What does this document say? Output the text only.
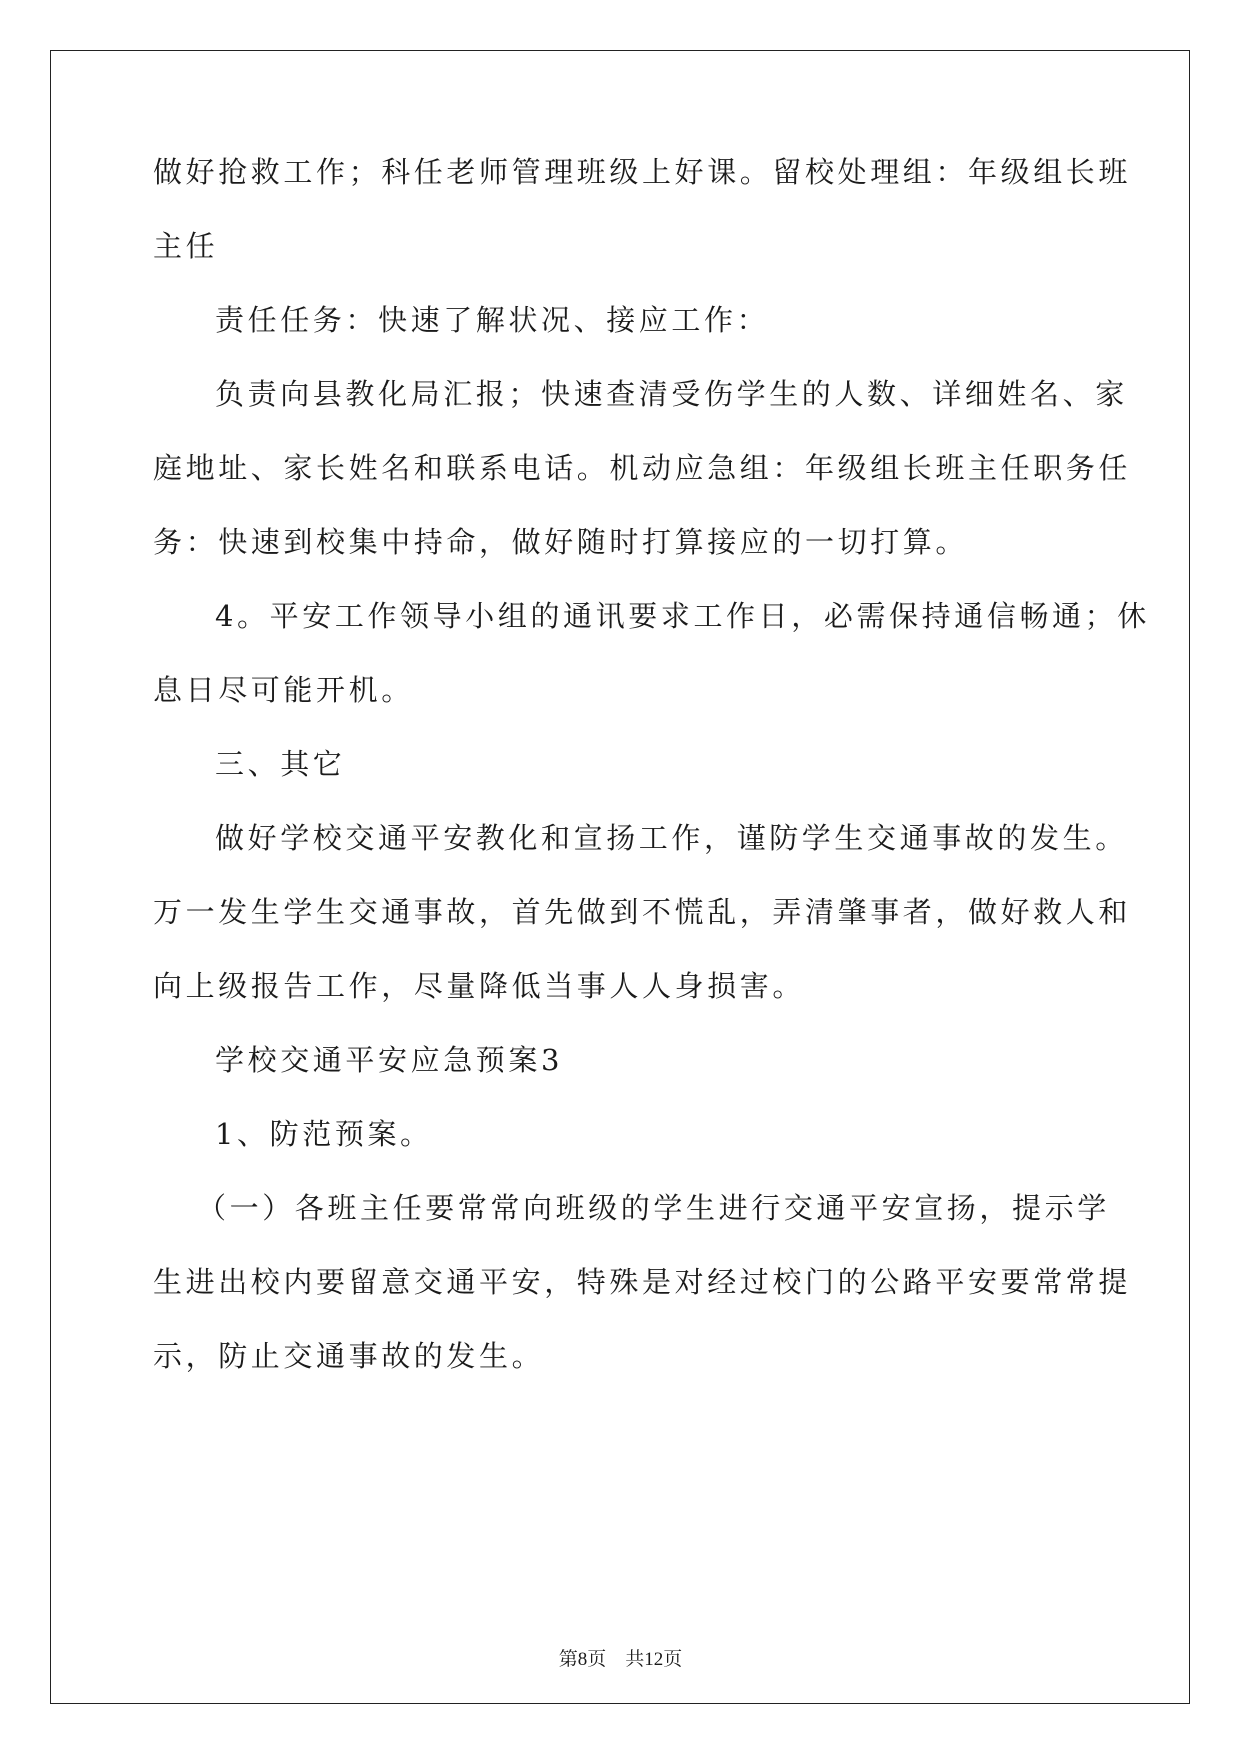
做好抢救工作；科任老师管理班级上好课。留校处理组：年级组长班
主任
责任任务：快速了解状况、接应工作：
负责向县教化局汇报；快速查清受伤学生的人数、详细姓名、家
庭地址、家长姓名和联系电话。机动应急组：年级组长班主任职务任
务：快速到校集中持命，做好随时打算接应的一切打算。
4。平安工作领导小组的通讯要求工作日，必需保持通信畅通；休
息日尽可能开机。
三、其它
做好学校交通平安教化和宣扬工作，谨防学生交通事故的发生。
万一发生学生交通事故，首先做到不慌乱，弄清肇事者，做好救人和
向上级报告工作，尽量降低当事人人身损害。
学校交通平安应急预案3
1、防范预案。
（一）各班主任要常常向班级的学生进行交通平安宣扬，提示学
生进出校内要留意交通平安，特殊是对经过校门的公路平安要常常提
示，防止交通事故的发生。
第8页　共12页
